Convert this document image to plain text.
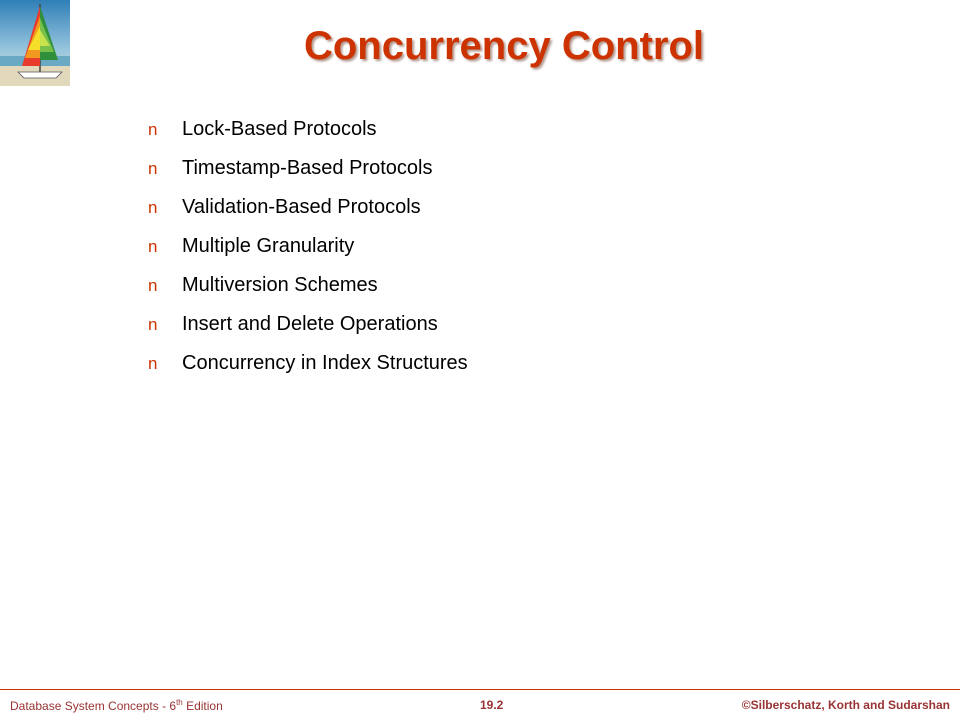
Concurrency Control
n	Lock-Based Protocols
n	Timestamp-Based Protocols
n	Validation-Based Protocols
n	Multiple Granularity
n	Multiversion Schemes
n	Insert and Delete Operations
n	Concurrency in Index Structures
Database System Concepts - 6th Edition	19.2	©Silberschatz, Korth and Sudarshan
